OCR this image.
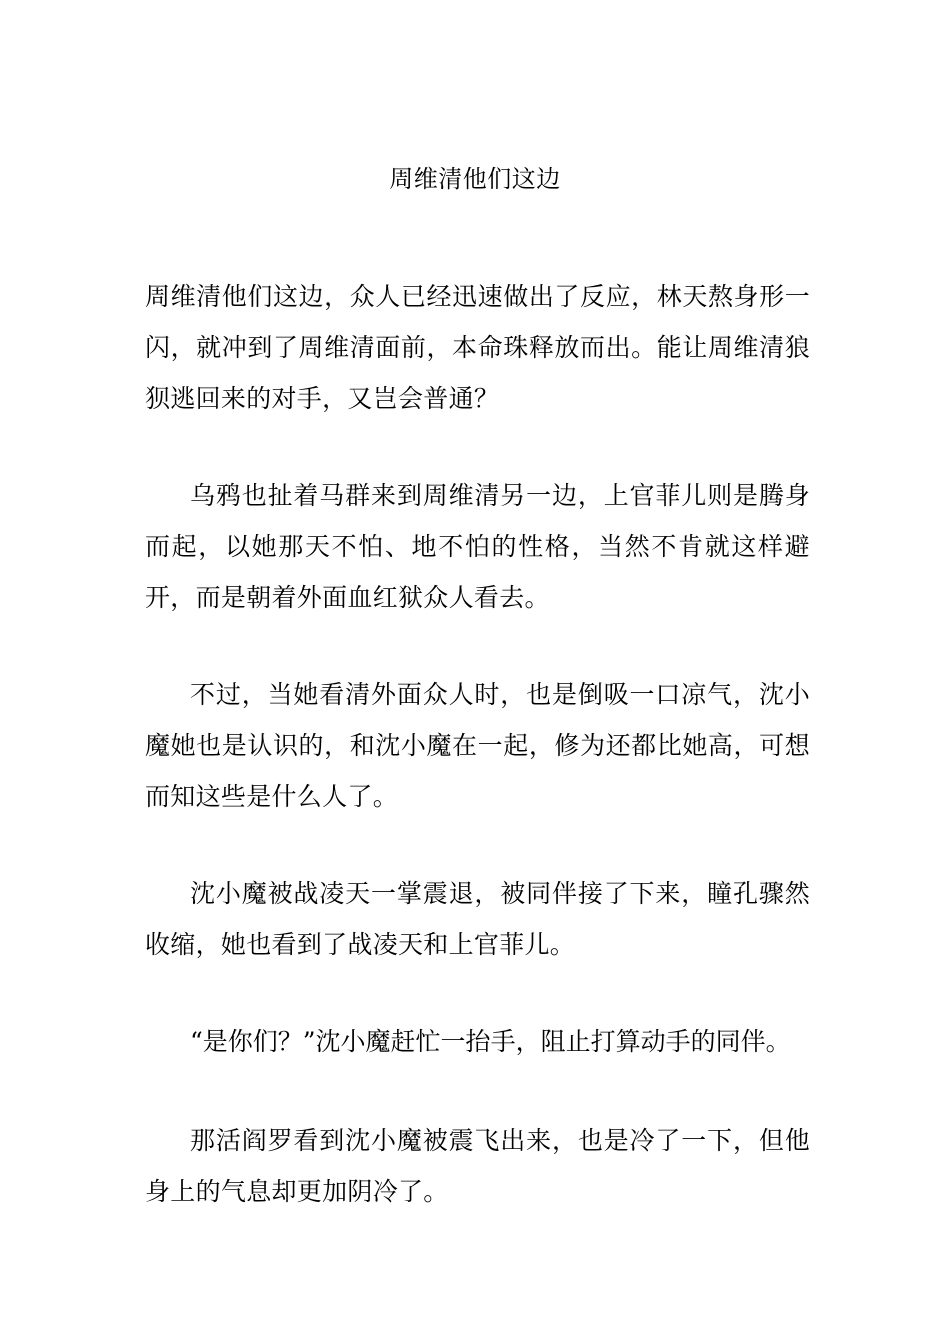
周维清他们这边

周维清他们这边，众人已经迅速做出了反应，林天熬身形一闪，就冲到了周维清面前，本命珠释放而出。能让周维清狼狈逃回来的对手，又岂会普通？

乌鸦也扯着马群来到周维清另一边，上官菲儿则是腾身而起，以她那天不怕、地不怕的性格，当然不肯就这样避开，而是朝着外面血红狱众人看去。

不过，当她看清外面众人时，也是倒吸一口凉气，沈小魔她也是认识的，和沈小魔在一起，修为还都比她高，可想而知这些是什么人了。

沈小魔被战凌天一掌震退，被同伴接了下来，瞳孔骤然收缩，她也看到了战凌天和上官菲儿。

“是你们？”沈小魔赶忙一抬手，阻止打算动手的同伴。

那活阎罗看到沈小魔被震飞出来，也是冷了一下，但他身上的气息却更加阴冷了。
